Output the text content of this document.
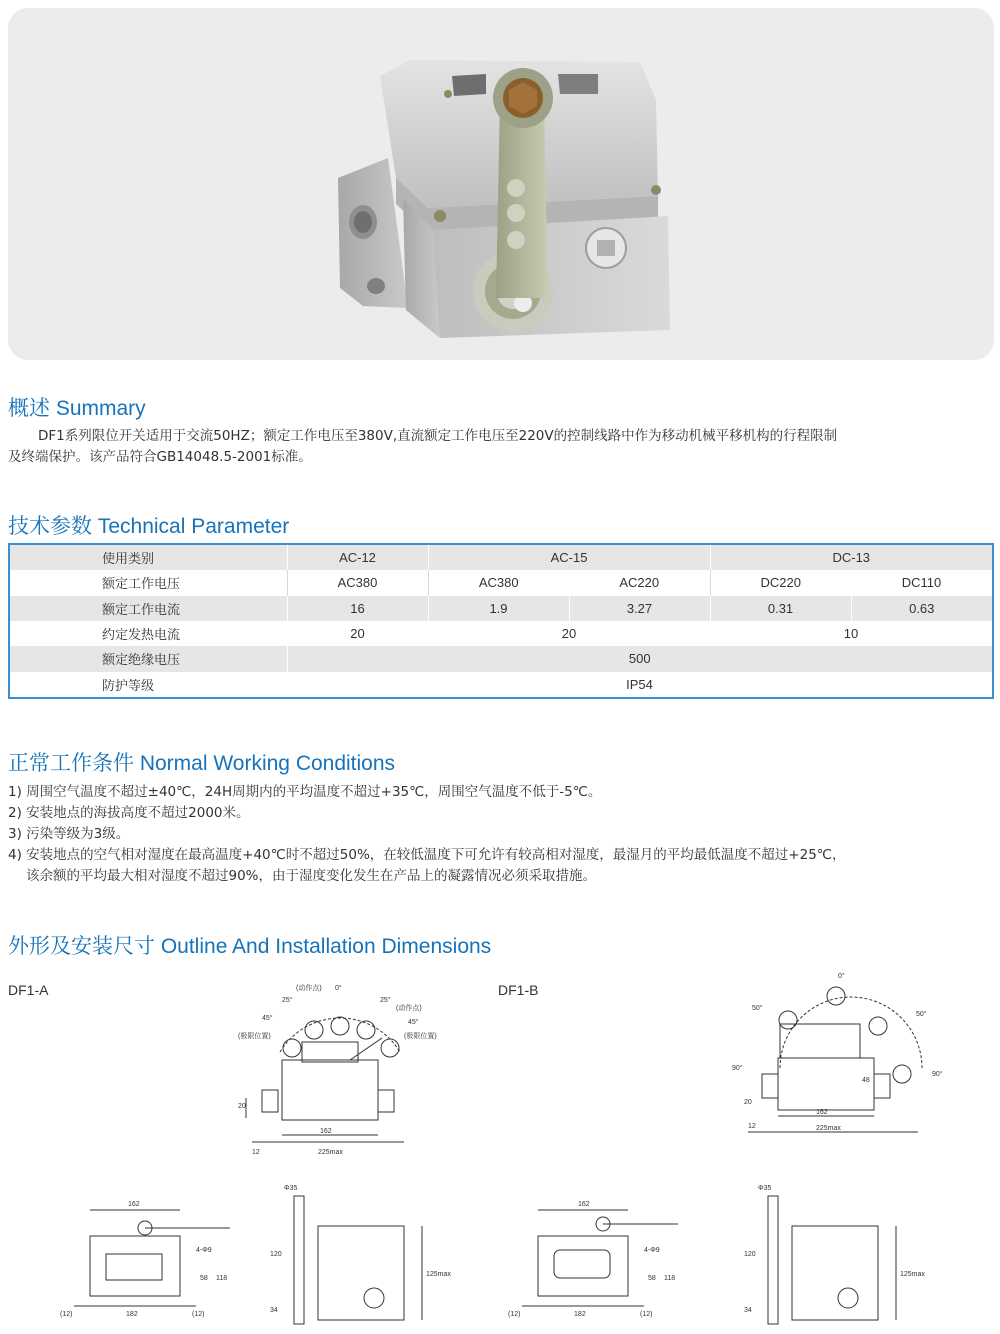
概述 Summary

DF1系列限位开关适用于交流50HZ；额定工作电压至380V,直流额定工作电压至220V的控制线路中作为移动机械平移机构的行程限制
及终端保护。该产品符合GB14048.5-2001标准。

技术参数 Technical Parameter
使用类别	AC-12	AC-15		DC-13	
额定工作电压	AC380	AC380	AC220	DC220	DC110
额定工作电流	16	1.9	3.27	0.31	0.63
约定发热电流	20	20		10	
额定绝缘电压	500				
防护等级	IP54				
正常工作条件 Normal Working Conditions
1) 周围空气温度不超过±40℃，24H周期内的平均温度不超过+35℃，周围空气温度不低于-5℃。
2) 安装地点的海拔高度不超过2000米。
3) 污染等级为3级。
4) 安装地点的空气相对湿度在最高温度+40℃时不超过50%，在较低温度下可允许有较高相对湿度，最湿月的平均最低温度不超过+25℃，
该余额的平均最大相对湿度不超过90%，由于湿度变化发生在产品上的凝露情况必须采取措施。
外形及安装尺寸 Outline And Installation Dimensions
DF1-A	DF1-B
0°
25°	25°
45°
45°
(动作点)
(动作点)
(极限位置)	(极限位置)
162
225max
12
20
162
182
(12)	(12)
4-Φ9
58 118
Φ35
120
125max
34
0°
50°
50°
90°
90°
48
20
162
225max
12
162
182
(12)	(12)
4-Φ9
58 118
Φ35
120
125max
34
